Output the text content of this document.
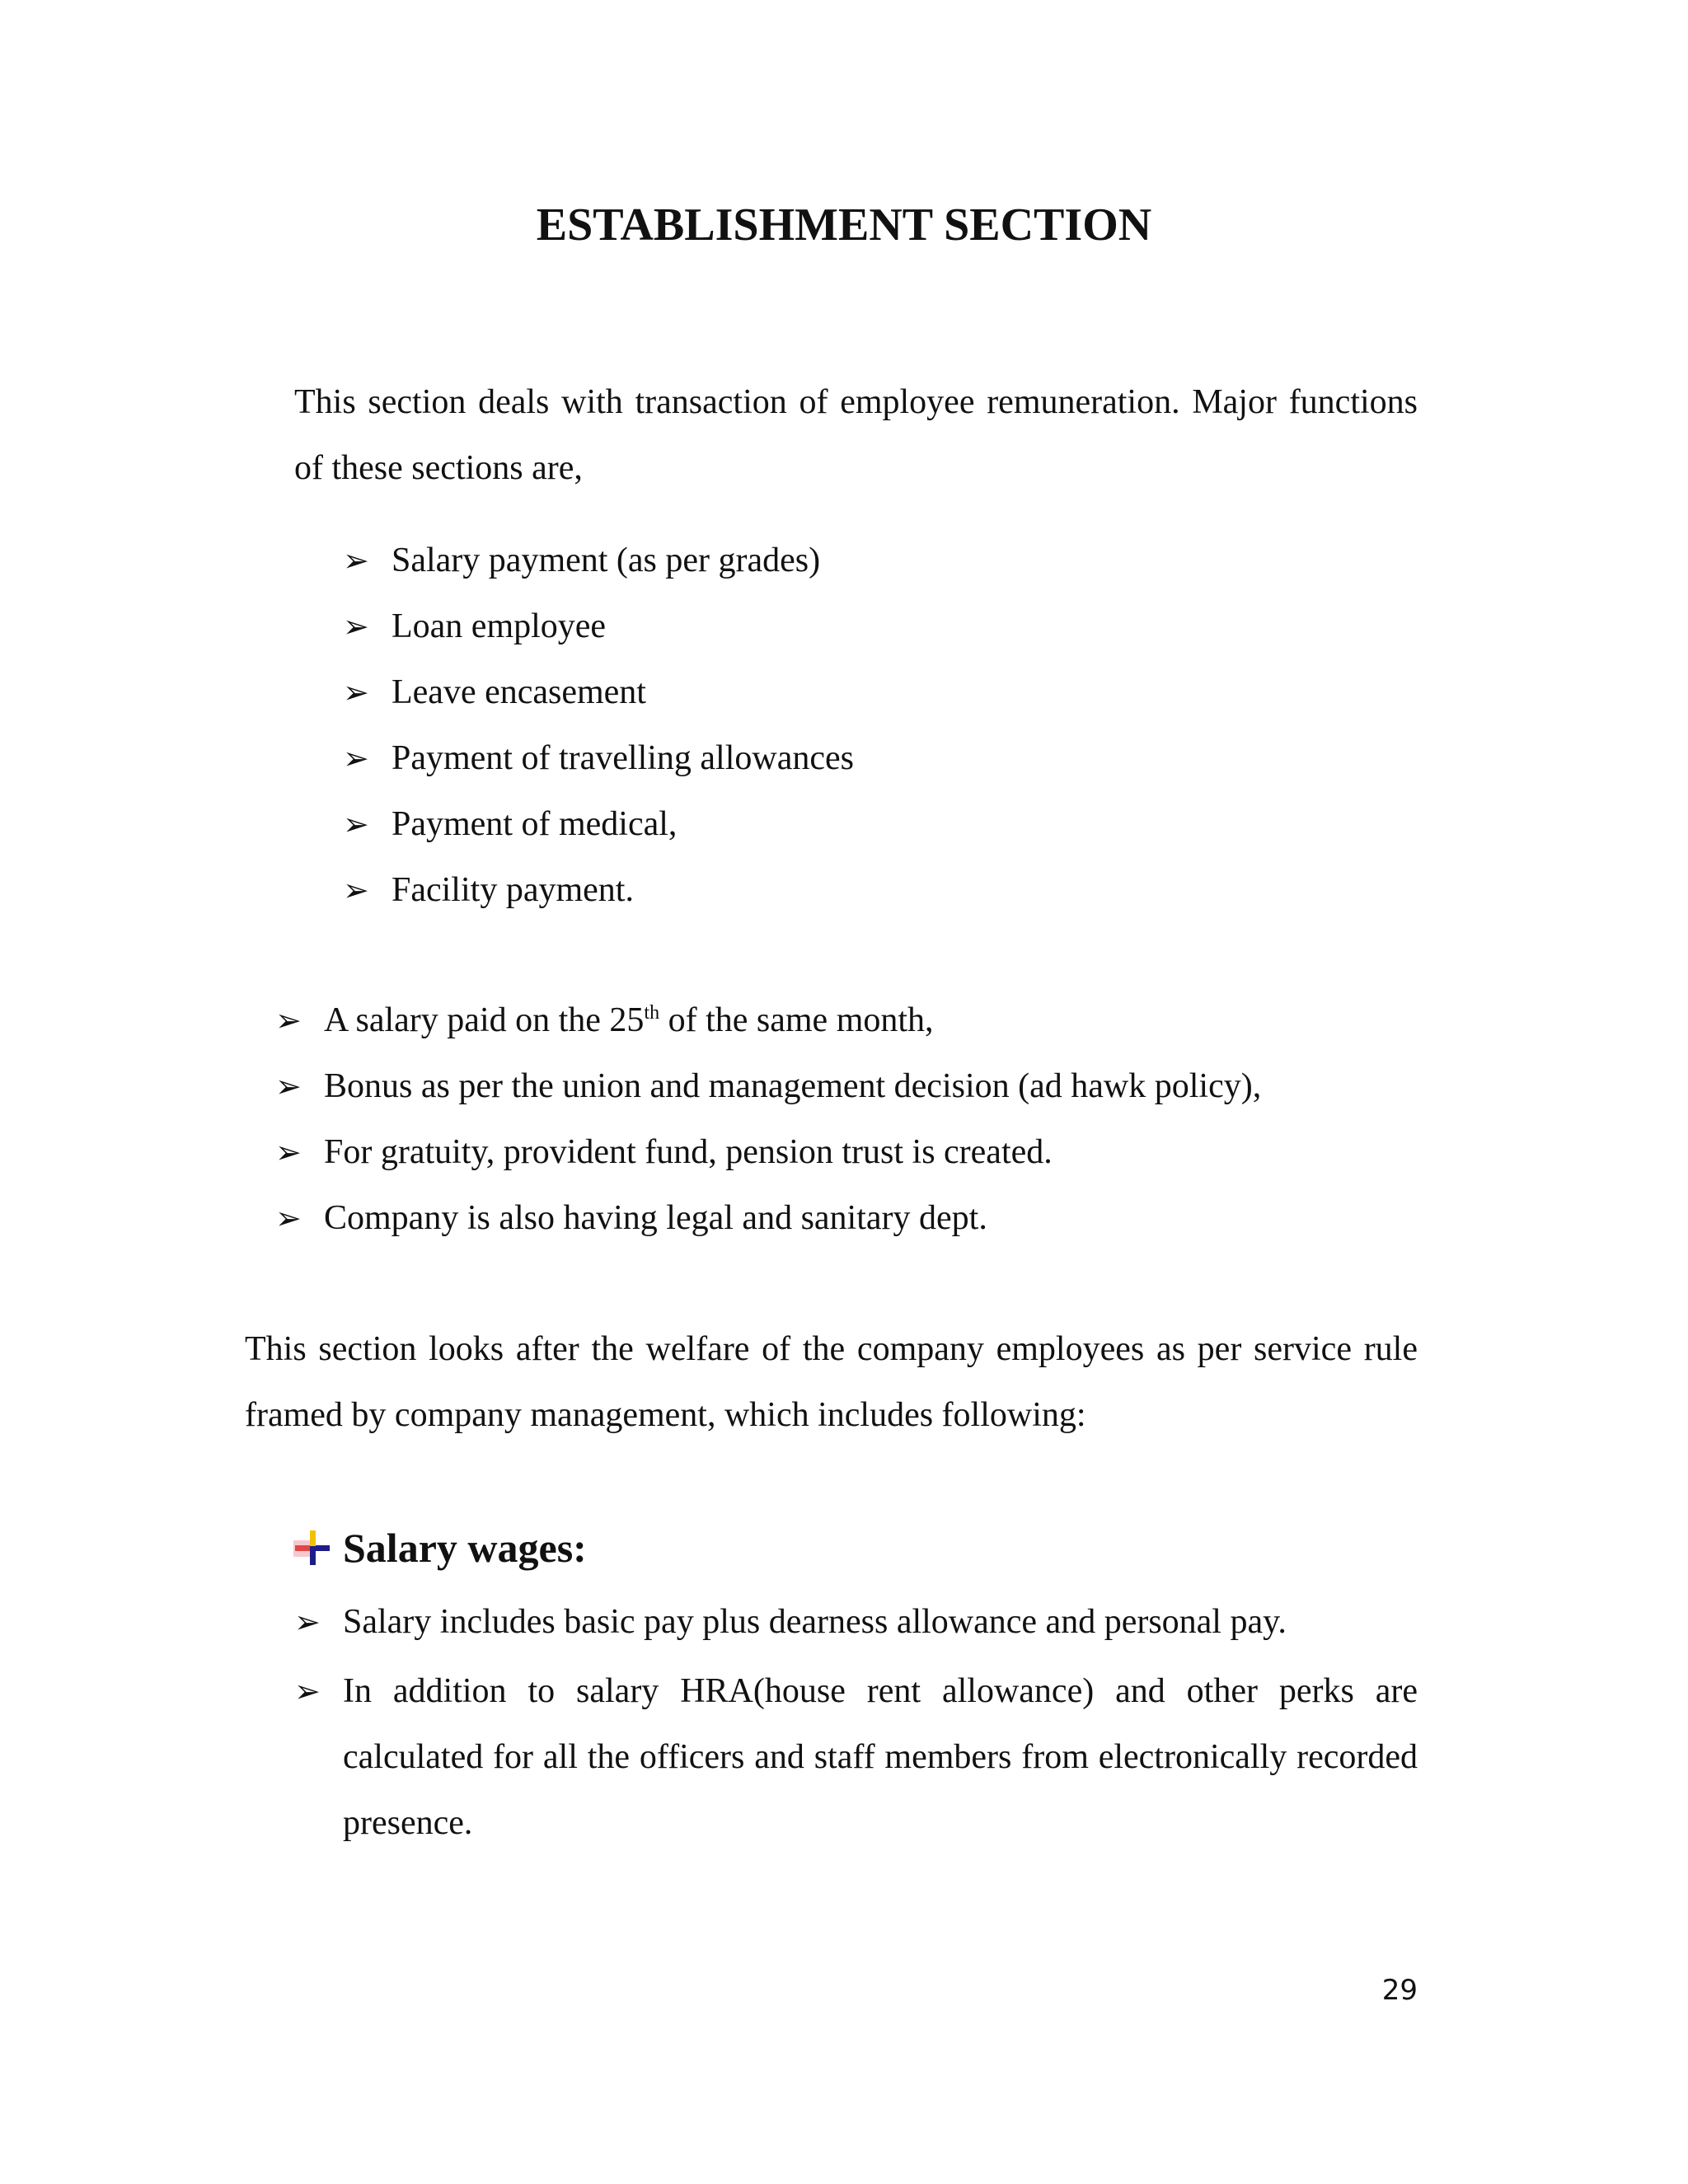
ESTABLISHMENT SECTION
This section deals with transaction of employee remuneration. Major functions of these sections are,
➢ Salary payment (as per grades)
➢ Loan employee
➢ Leave encasement
➢ Payment of travelling allowances
➢ Payment of medical,
➢ Facility payment.
➢ A salary paid on the 25th of the same month,
➢ Bonus as per the union and management decision (ad hawk policy),
➢ For gratuity, provident fund, pension trust is created.
➢ Company is also having legal and sanitary dept.
This section looks after the welfare of the company employees as per service rule framed by company management, which includes following:
Salary wages:
➢ Salary includes basic pay plus dearness allowance and personal pay.
➢ In addition to salary HRA(house rent allowance) and other perks are calculated for all the officers and staff members from electronically recorded presence.
29
